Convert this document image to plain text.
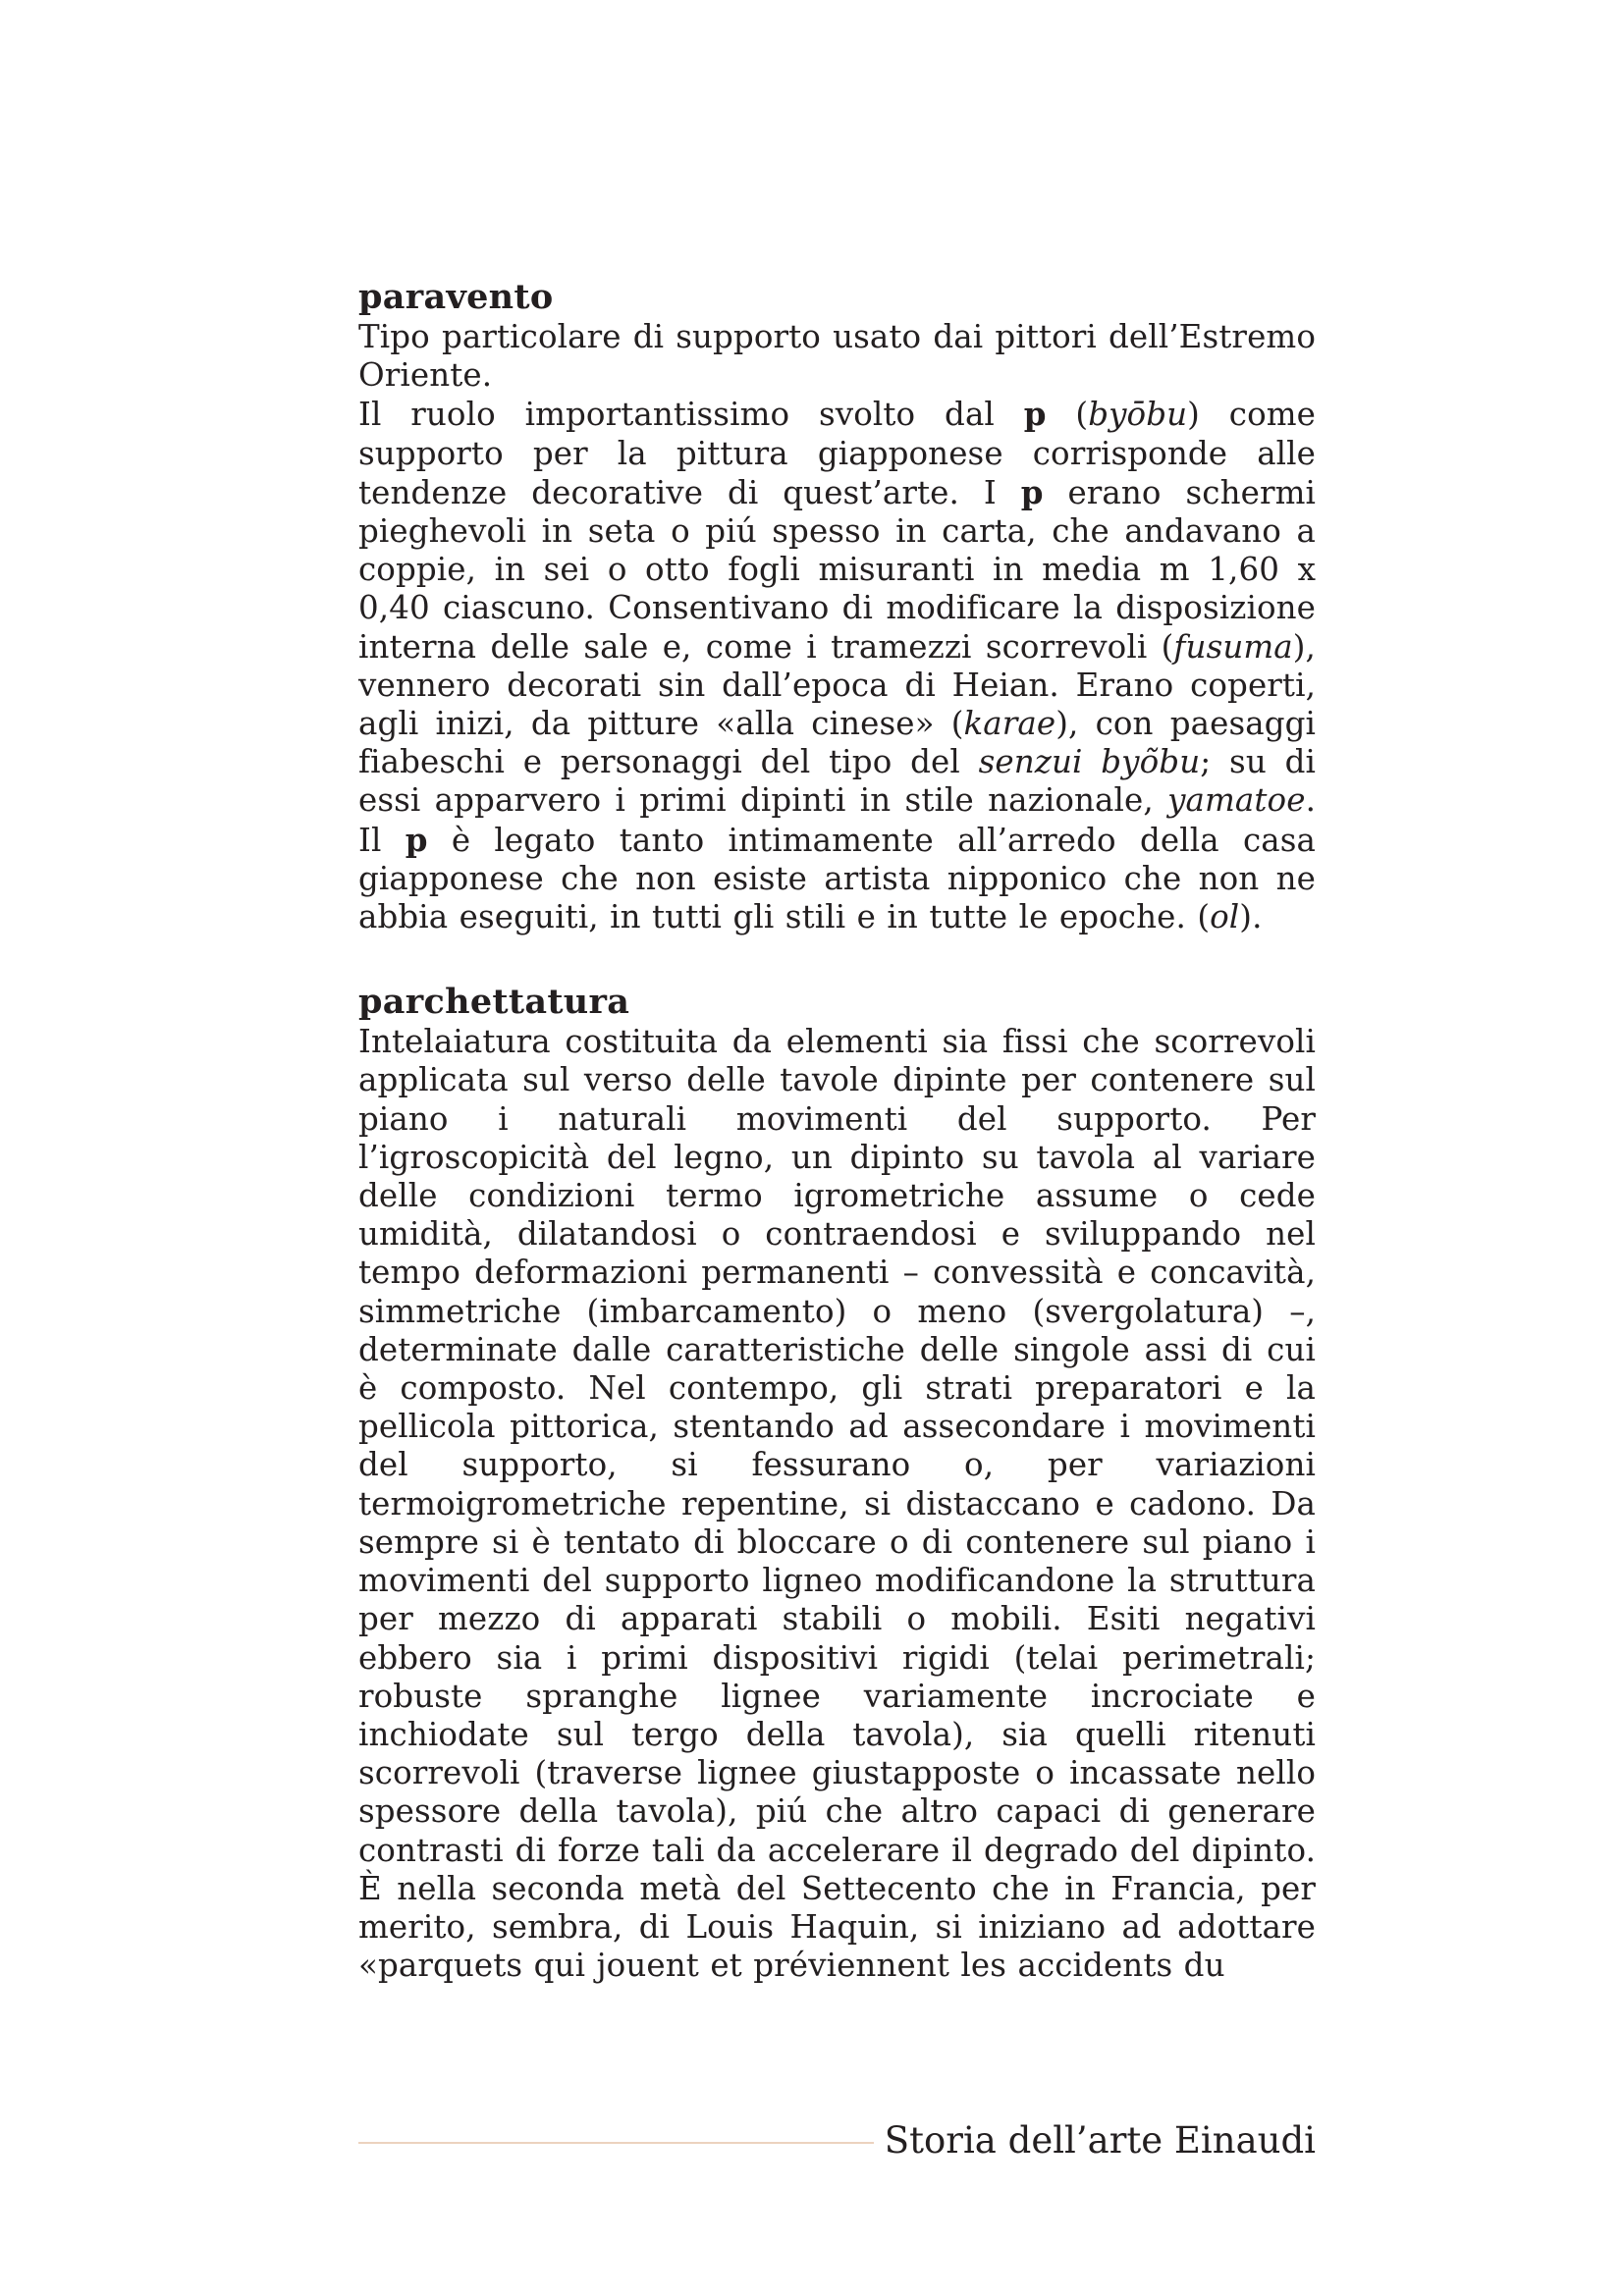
paravento

Tipo particolare di supporto usato dai pittori dell’Estremo Oriente.

Il ruolo importantissimo svolto dal p (byōbu) come supporto per la pittura giapponese corrisponde alle tendenze decorative di quest’arte. I p erano schermi pieghevoli in seta o piú spesso in carta, che andavano a coppie, in sei o otto fogli misuranti in media m 1,60 x 0,40 ciascuno. Consentivano di modificare la disposizione interna delle sale e, come i tramezzi scorrevoli (fusuma), vennero decorati sin dall’epoca di Heian. Erano coperti, agli inizi, da pitture «alla cinese» (karae), con paesaggi fiabeschi e personaggi del tipo del senzui byõbu; su di essi apparvero i primi dipinti in stile nazionale, yamatoe. Il p è legato tanto intimamente all’arredo della casa giapponese che non esiste artista nipponico che non ne abbia eseguiti, in tutti gli stili e in tutte le epoche. (ol).

parchettatura

Intelaiatura costituita da elementi sia fissi che scorrevoli applicata sul verso delle tavole dipinte per contenere sul piano i naturali movimenti del supporto. Per l’igroscopicità del legno, un dipinto su tavola al variare delle condizioni termo igrometriche assume o cede umidità, dilatandosi o contraendosi e sviluppando nel tempo deformazioni permanenti – convessità e concavità, simmetriche (imbarcamento) o meno (svergolatura) –, determinate dalle caratteristiche delle singole assi di cui è composto. Nel contempo, gli strati preparatori e la pellicola pittorica, stentando ad assecondare i movimenti del supporto, si fessurano o, per variazioni termoigrometriche repentine, si distaccano e cadono. Da sempre si è tentato di bloccare o di contenere sul piano i movimenti del supporto ligneo modificandone la struttura per mezzo di apparati stabili o mobili. Esiti negativi ebbero sia i primi dispositivi rigidi (telai perimetrali; robuste spranghe lignee variamente incrociate e inchiodate sul tergo della tavola), sia quelli ritenuti scorrevoli (traverse lignee giustapposte o incassate nello spessore della tavola), piú che altro capaci di generare contrasti di forze tali da accelerare il degrado del dipinto. È nella seconda metà del Settecento che in Francia, per merito, sembra, di Louis Haquin, si iniziano ad adottare «parquets qui jouent et préviennent les accidents du

Storia dell’arte Einaudi
